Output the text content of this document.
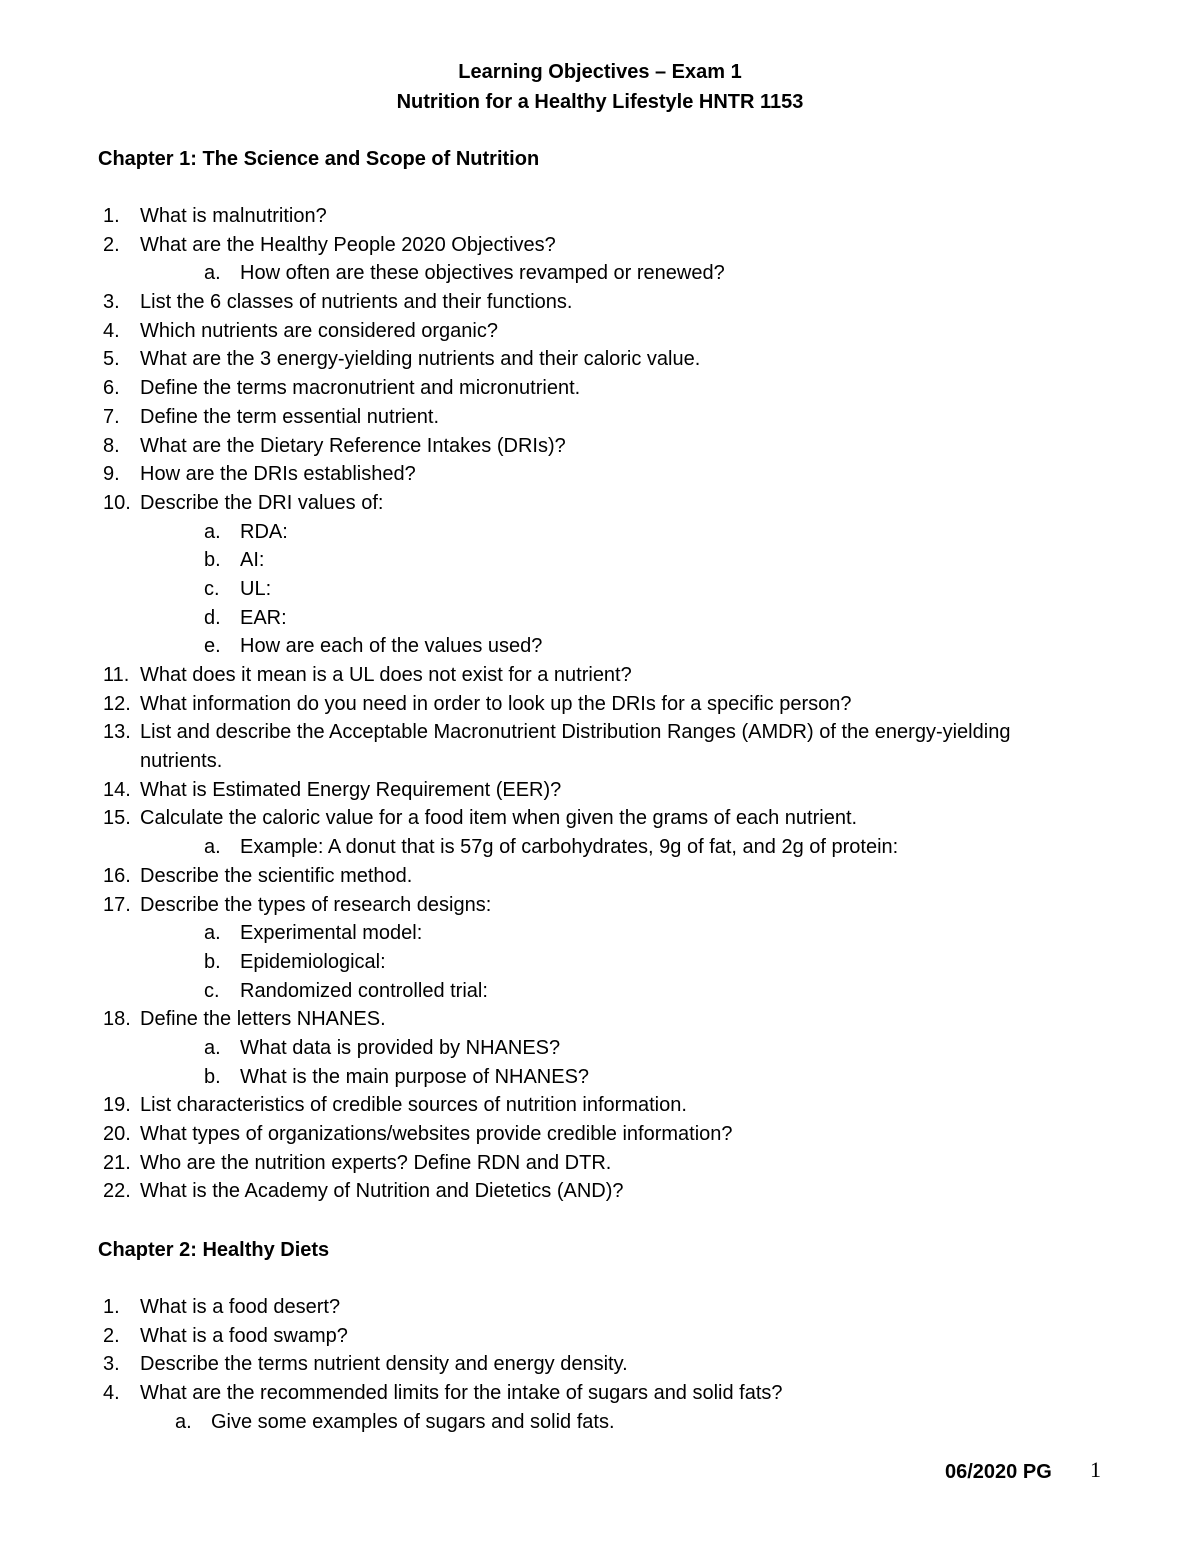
Learning Objectives – Exam 1
Nutrition for a Healthy Lifestyle HNTR 1153
Chapter 1: The Science and Scope of Nutrition
1. What is malnutrition?
2. What are the Healthy People 2020 Objectives?
a. How often are these objectives revamped or renewed?
3. List the 6 classes of nutrients and their functions.
4. Which nutrients are considered organic?
5. What are the 3 energy-yielding nutrients and their caloric value.
6. Define the terms macronutrient and micronutrient.
7. Define the term essential nutrient.
8. What are the Dietary Reference Intakes (DRIs)?
9. How are the DRIs established?
10. Describe the DRI values of:
a. RDA:
b. AI:
c. UL:
d. EAR:
e. How are each of the values used?
11. What does it mean is a UL does not exist for a nutrient?
12. What information do you need in order to look up the DRIs for a specific person?
13. List and describe the Acceptable Macronutrient Distribution Ranges (AMDR) of the energy-yielding nutrients.
14. What is Estimated Energy Requirement (EER)?
15. Calculate the caloric value for a food item when given the grams of each nutrient.
a. Example: A donut that is 57g of carbohydrates, 9g of fat, and 2g of protein:
16. Describe the scientific method.
17. Describe the types of research designs:
a. Experimental model:
b. Epidemiological:
c. Randomized controlled trial:
18. Define the letters NHANES.
a. What data is provided by NHANES?
b. What is the main purpose of NHANES?
19. List characteristics of credible sources of nutrition information.
20. What types of organizations/websites provide credible information?
21. Who are the nutrition experts? Define RDN and DTR.
22. What is the Academy of Nutrition and Dietetics (AND)?
Chapter 2: Healthy Diets
1. What is a food desert?
2. What is a food swamp?
3. Describe the terms nutrient density and energy density.
4. What are the recommended limits for the intake of sugars and solid fats?
a. Give some examples of sugars and solid fats.
06/2020 PG 1
